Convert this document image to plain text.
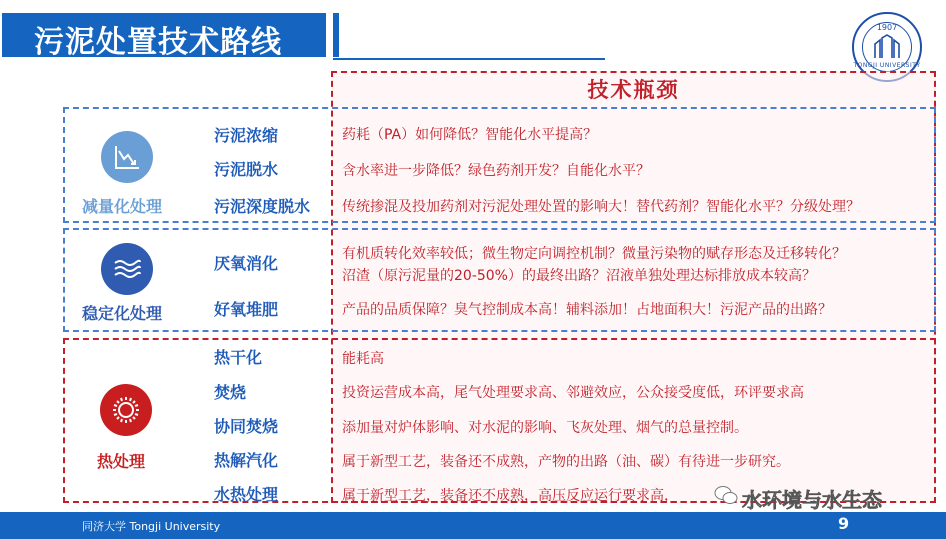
污泥处置技术路线	1907
TONGJI UNIVERSITY
技术瓶颈
减量化处理
污泥浓缩
污泥脱水
污泥深度脱水
药耗（PA）如何降低？智能化水平提高？
含水率进一步降低？绿色药剂开发？自能化水平？
传统掺混及投加药剂对污泥处理处置的影响大！替代药剂？智能化水平？分级处理？
稳定化处理
厌氧消化
好氧堆肥
有机质转化效率较低；微生物定向调控机制？微量污染物的赋存形态及迁移转化？
沼渣（原污泥量的20-50%）的最终出路？沼液单独处理达标排放成本较高？
产品的品质保障？臭气控制成本高！辅料添加！占地面积大！污泥产品的出路？
热处理
热干化
焚烧
协同焚烧
热解汽化
水热处理
能耗高
投资运营成本高，尾气处理要求高、邻避效应，公众接受度低，环评要求高
添加量对炉体影响、对水泥的影响、飞灰处理、烟气的总量控制。
属于新型工艺，装备还不成熟，产物的出路（油、碳）有待进一步研究。
属于新型工艺，装备还不成熟，高压反应运行要求高，
同济大学 Tongji University	9
水环境与水生态
